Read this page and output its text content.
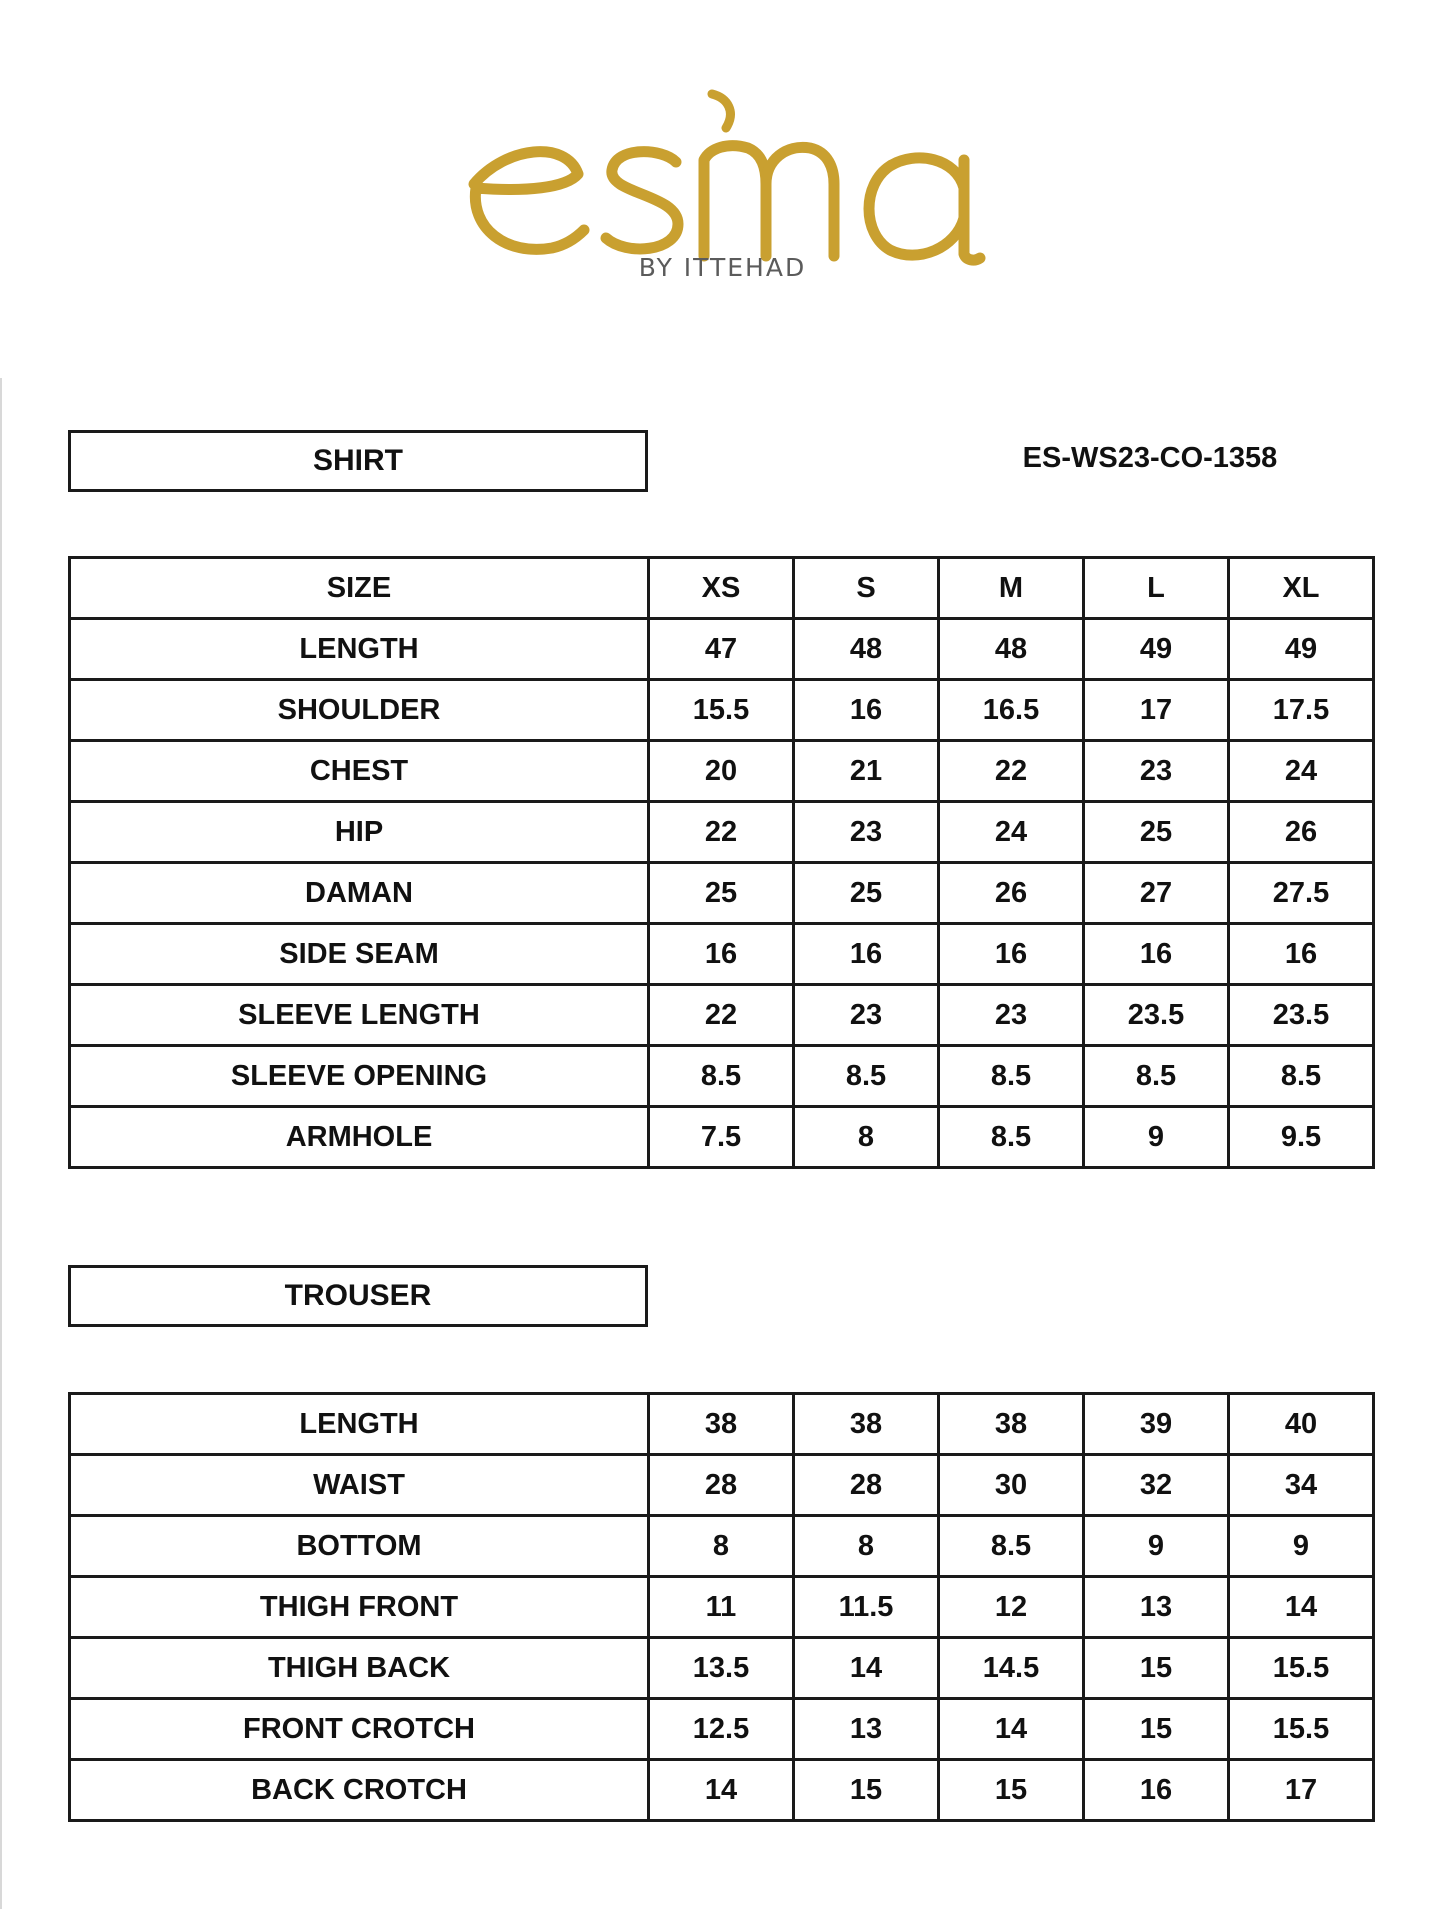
BY ITTEHAD
SHIRT	ES-WS23-CO-1358
SIZE	XS	S	M	L	XL
LENGTH	47	48	48	49	49
SHOULDER	15.5	16	16.5	17	17.5
CHEST	20	21	22	23	24
HIP	22	23	24	25	26
DAMAN	25	25	26	27	27.5
SIDE SEAM	16	16	16	16	16
SLEEVE LENGTH	22	23	23	23.5	23.5
SLEEVE OPENING	8.5	8.5	8.5	8.5	8.5
ARMHOLE	7.5	8	8.5	9	9.5
TROUSER
LENGTH	38	38	38	39	40
WAIST	28	28	30	32	34
BOTTOM	8	8	8.5	9	9
THIGH FRONT	11	11.5	12	13	14
THIGH BACK	13.5	14	14.5	15	15.5
FRONT CROTCH	12.5	13	14	15	15.5
BACK CROTCH	14	15	15	16	17
